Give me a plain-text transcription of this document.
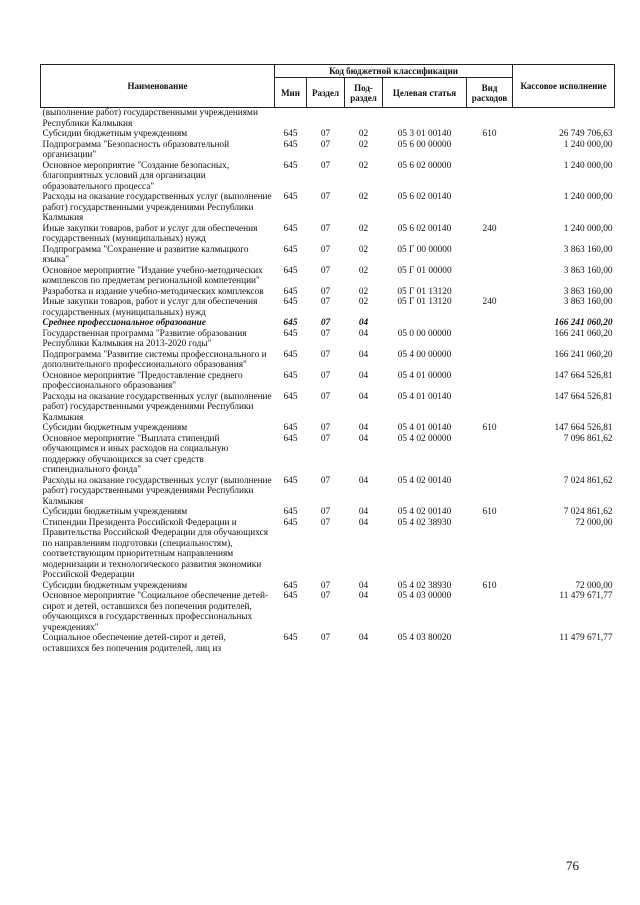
Наименование	Код бюджетной классификации					Кассовое исполнение
	Мин	Раздел	Под-раздел	Целевая статья	Вид расходов	
(выполнение работ) государственными учреждениями Республики Калмыкия						
Субсидии бюджетным учреждениям	645	07	02	05 3 01 00140	610	26 749 706,63
Подпрограмма "Безопасность образовательной организации"	645	07	02	05 6 00 00000		1 240 000,00
Основное мероприятие "Создание безопасных, благоприятных условий для организации образовательного процесса"	645	07	02	05 6 02 00000		1 240 000,00
Расходы на оказание государственных услуг (выполнение работ) государственными учреждениями Республики Калмыкия	645	07	02	05 6 02 00140		1 240 000,00
Иные закупки товаров, работ и услуг для обеспечения государственных (муниципальных) нужд	645	07	02	05 6 02 00140	240	1 240 000,00
Подпрограмма "Сохранение и развитие калмыцкого языка"	645	07	02	05 Г 00 00000		3 863 160,00
Основное мероприятие "Издание учебно-методических комплексов по предметам региональной компетенции"	645	07	02	05 Г 01 00000		3 863 160,00
Разработка и издание учебно-методических комплексов	645	07	02	05 Г 01 13120		3 863 160,00
Иные закупки товаров, работ и услуг для обеспечения государственных (муниципальных) нужд	645	07	02	05 Г 01 13120	240	3 863 160,00
Среднее профессиональное образование	645	07	04			166 241 060,20
Государственная программа "Развитие образования Республики Калмыкия на 2013-2020 годы"	645	07	04	05 0 00 00000		166 241 060,20
Подпрограмма "Развитие системы профессионального и дополнительного профессионального образования"	645	07	04	05 4 00 00000		166 241 060,20
Основное мероприятие "Предоставление среднего профессионального образования"	645	07	04	05 4 01 00000		147 664 526,81
Расходы на оказание государственных услуг (выполнение работ) государственными учреждениями Республики Калмыкия	645	07	04	05 4 01 00140		147 664 526,81
Субсидии бюджетным учреждениям	645	07	04	05 4 01 00140	610	147 664 526,81
Основное мероприятие "Выплата стипендий обучающимся и иных расходов на социальную поддержку обучающихся за счет средств стипендиального фонда"	645	07	04	05 4 02 00000		7 096 861,62
Расходы на оказание государственных услуг (выполнение работ) государственными учреждениями Республики Калмыкия	645	07	04	05 4 02 00140		7 024 861,62
Субсидии бюджетным учреждениям	645	07	04	05 4 02 00140	610	7 024 861,62
Стипендии Президента Российской Федерации и Правительства Российской Федерации для обучающихся по направлениям подготовки (специальностям), соответствующим приоритетным направлениям модернизации и технологического развития экономики Российской Федерации	645	07	04	05 4 02 38930		72 000,00
Субсидии бюджетным учреждениям	645	07	04	05 4 02 38930	610	72 000,00
Основное мероприятие "Социальное обеспечение детей-сирот и детей, оставшихся без попечения родителей, обучающихся в государственных профессиональных учреждениях"	645	07	04	05 4 03 00000		11 479 671,77
Социальное обеспечение детей-сирот и детей, оставшихся без попечения родителей, лиц из	645	07	04	05 4 03 80020		11 479 671,77
76
